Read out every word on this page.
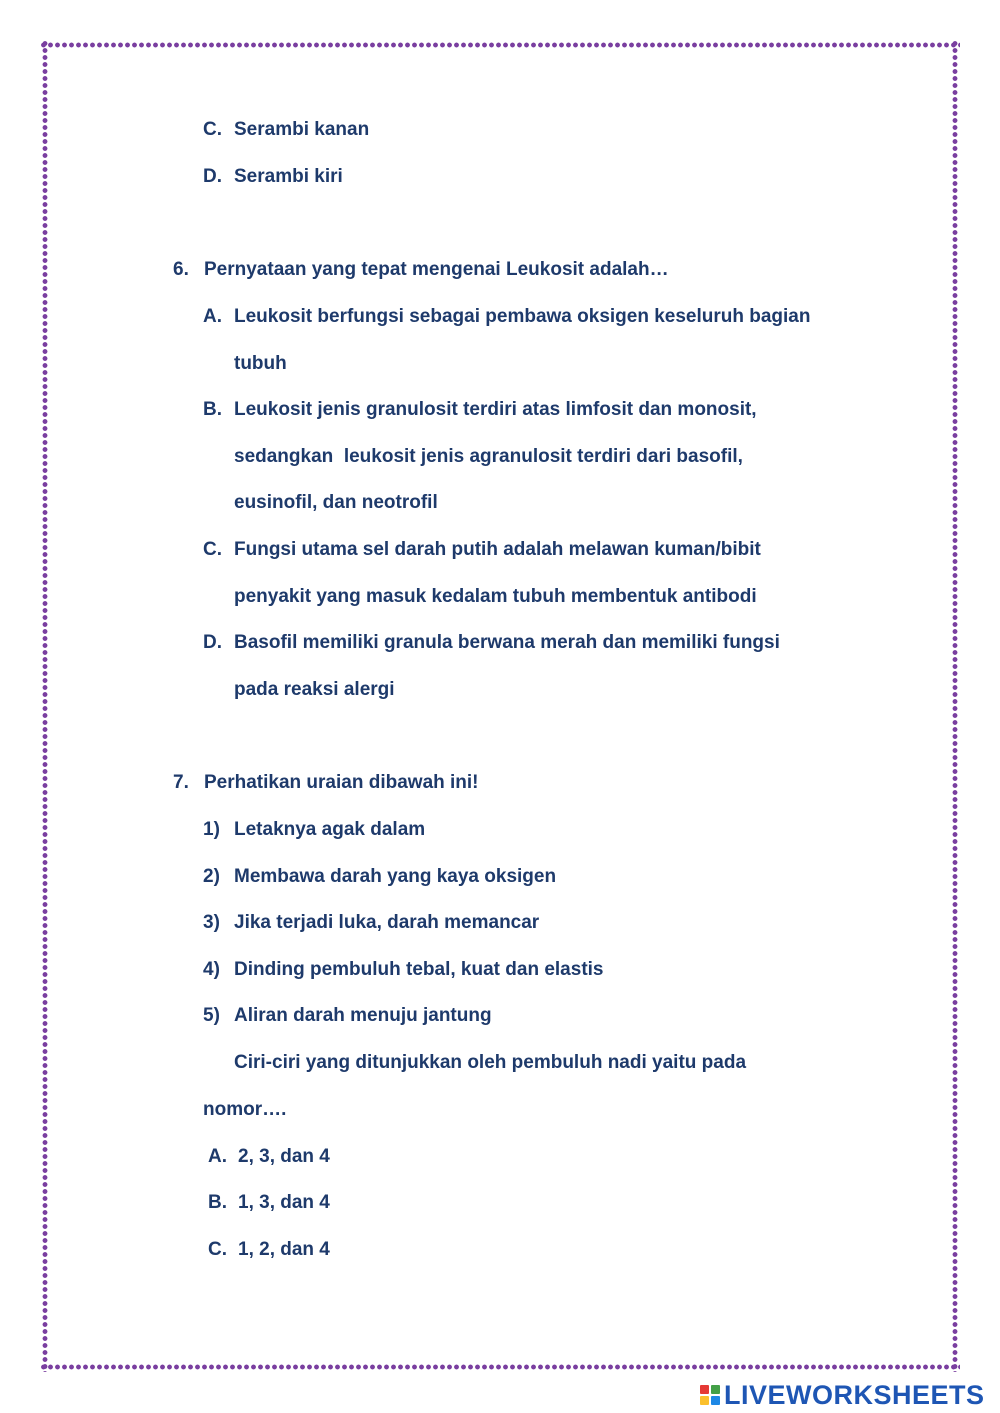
C. Serambi kanan
D. Serambi kiri
6. Pernyataan yang tepat mengenai Leukosit adalah…
A. Leukosit berfungsi sebagai pembawa oksigen keseluruh bagian
tubuh
B. Leukosit jenis granulosit terdiri atas limfosit dan monosit,
sedangkan  leukosit jenis agranulosit terdiri dari basofil,
eusinofil, dan neotrofil
C. Fungsi utama sel darah putih adalah melawan kuman/bibit
penyakit yang masuk kedalam tubuh membentuk antibodi
D. Basofil memiliki granula berwana merah dan memiliki fungsi
pada reaksi alergi
7. Perhatikan uraian dibawah ini!
1) Letaknya agak dalam
2) Membawa darah yang kaya oksigen
3) Jika terjadi luka, darah memancar
4) Dinding pembuluh tebal, kuat dan elastis
5) Aliran darah menuju jantung
Ciri-ciri yang ditunjukkan oleh pembuluh nadi yaitu pada
nomor….
A. 2, 3, dan 4
B. 1, 3, dan 4
C. 1, 2, dan 4
LIVEWORKSHEETS
